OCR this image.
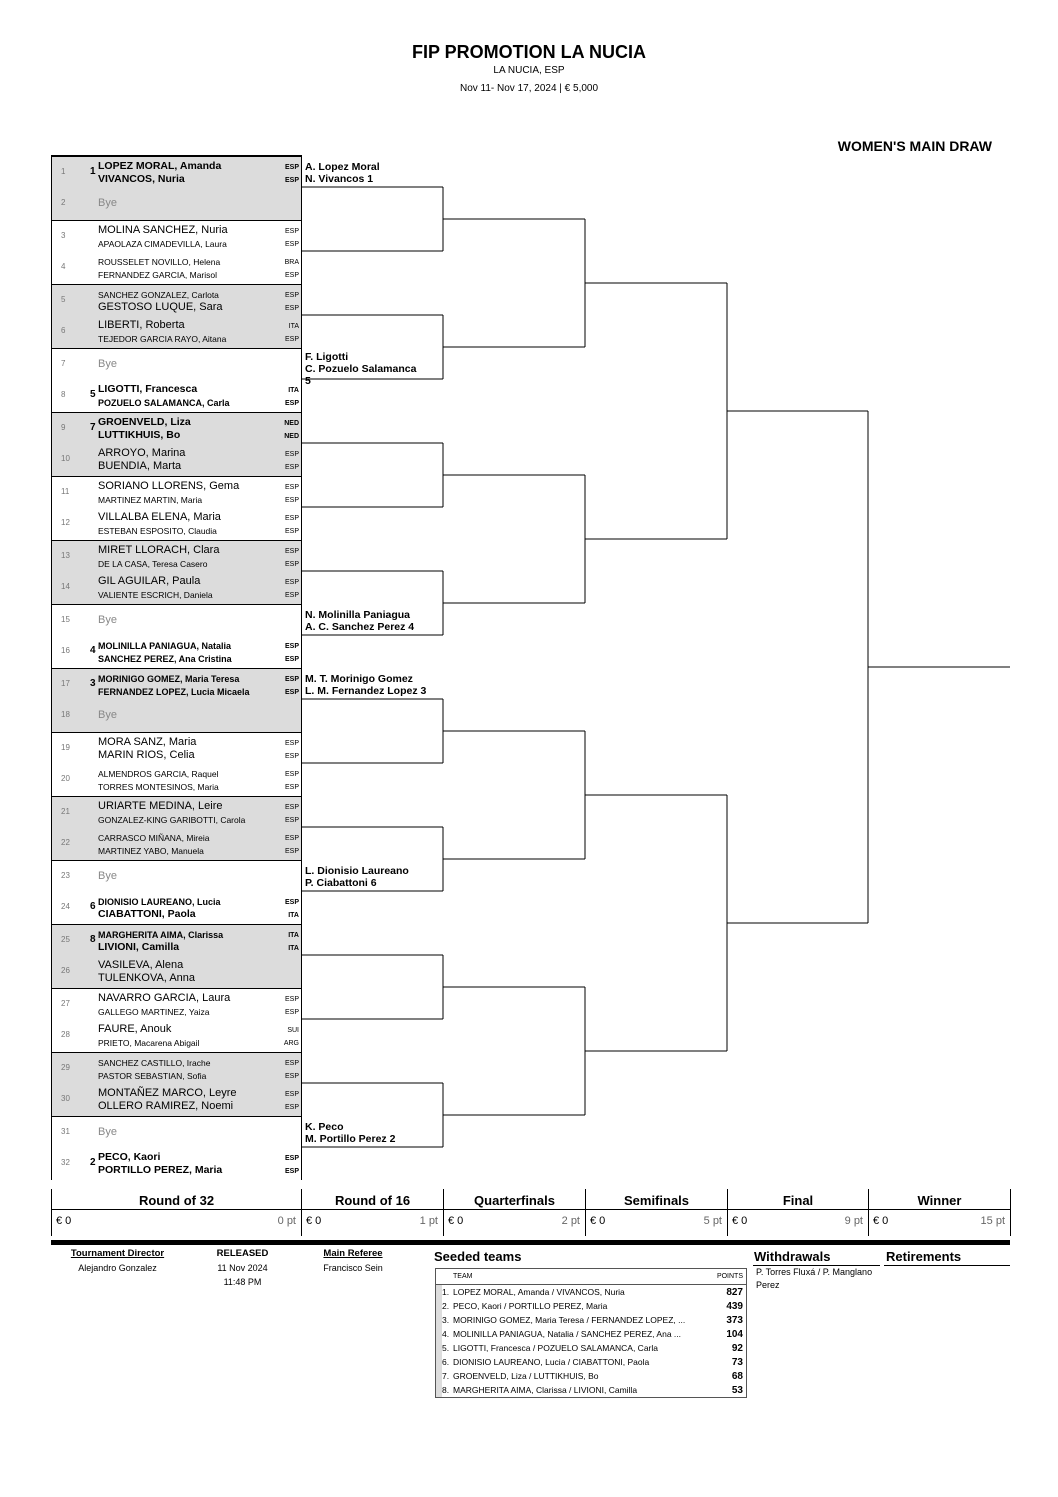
FIP PROMOTION LA NUCIA
LA NUCIA, ESP
Nov 11- Nov 17, 2024 | € 5,000
WOMEN'S MAIN DRAW
1 1 LOPEZ MORAL, Amanda	ESP
VIVANCOS, Nuria	ESP
2	Bye
3	MOLINA SANCHEZ, Nuria	ESP
APAOLAZA CIMADEVILLA, Laura	ESP
4	ROUSSELET NOVILLO, Helena	BRA
FERNANDEZ GARCIA, Marisol	ESP
5	SANCHEZ GONZALEZ, Carlota	ESP
GESTOSO LUQUE, Sara	ESP
6	LIBERTI, Roberta	ITA
TEJEDOR GARCIA RAYO, Aitana	ESP
7	Bye
8 5 LIGOTTI, Francesca	ITA
POZUELO SALAMANCA, Carla	ESP
9 7 GROENVELD, Liza	NED
LUTTIKHUIS, Bo	NED
10	ARROYO, Marina	ESP
BUENDIA, Marta	ESP
11	SORIANO LLORENS, Gema	ESP
MARTINEZ MARTIN, Maria	ESP
12	VILLALBA ELENA, Maria	ESP
ESTEBAN ESPOSITO, Claudia	ESP
13	MIRET LLORACH, Clara	ESP
DE LA CASA, Teresa Casero	ESP
14	GIL AGUILAR, Paula	ESP
VALIENTE ESCRICH, Daniela	ESP
15	Bye
16 4 MOLINILLA PANIAGUA, Natalia	ESP
SANCHEZ PEREZ, Ana Cristina	ESP
17 3 MORINIGO GOMEZ, Maria Teresa	ESP
FERNANDEZ LOPEZ, Lucia Micaela	ESP
18	Bye
19	MORA SANZ, Maria	ESP
MARIN RIOS, Celia	ESP
20	ALMENDROS GARCIA, Raquel	ESP
TORRES MONTESINOS, Maria	ESP
21	URIARTE MEDINA, Leire	ESP
GONZALEZ-KING GARIBOTTI, Carola	ESP
22	CARRASCO MIÑANA, Mireia	ESP
MARTINEZ YABO, Manuela	ESP
23	Bye
24 6 DIONISIO LAUREANO, Lucia	ESP
CIABATTONI, Paola	ITA
25 8 MARGHERITA AIMA, Clarissa	ITA
LIVIONI, Camilla	ITA
26	VASILEVA, Alena
TULENKOVA, Anna
27	NAVARRO GARCIA, Laura	ESP
GALLEGO MARTINEZ, Yaiza	ESP
28	FAURE, Anouk	SUI
PRIETO, Macarena Abigail	ARG
29	SANCHEZ CASTILLO, Irache	ESP
PASTOR SEBASTIAN, Sofia	ESP
30	MONTAÑEZ MARCO, Leyre	ESP
OLLERO RAMIREZ, Noemi	ESP
31	Bye
32 2 PECO, Kaori	ESP
PORTILLO PEREZ, Maria	ESP
A. Lopez Moral
N. Vivancos 1
F. Ligotti
C. Pozuelo Salamanca
5
N. Molinilla Paniagua
A. C. Sanchez Perez 4
M. T. Morinigo Gomez
L. M. Fernandez Lopez 3
L. Dionisio Laureano
P. Ciabattoni 6
K. Peco
M. Portillo Perez 2
Round of 32
€ 0	0 pt
Round of 16
€ 0	1 pt
Quarterfinals
€ 0	2 pt
Semifinals
€ 0	5 pt
Final
€ 0	9 pt
Winner
€ 0	15 pt
Tournament Director
Alejandro Gonzalez
RELEASED
11 Nov 2024
11:48 PM
Main Referee
Francisco Sein
Seeded teams
TEAM	POINTS
1. LOPEZ MORAL, Amanda / VIVANCOS, Nuria	827
2. PECO, Kaori / PORTILLO PEREZ, Maria	439
3. MORINIGO GOMEZ, Maria Teresa / FERNANDEZ LOPEZ, ...	373
4. MOLINILLA PANIAGUA, Natalia / SANCHEZ PEREZ, Ana ...	104
5. LIGOTTI, Francesca / POZUELO SALAMANCA, Carla	92
6. DIONISIO LAUREANO, Lucia / CIABATTONI, Paola	73
7. GROENVELD, Liza / LUTTIKHUIS, Bo	68
8. MARGHERITA AIMA, Clarissa / LIVIONI, Camilla	53
Withdrawals
P. Torres Fluxá / P. Manglano Perez
Retirements
